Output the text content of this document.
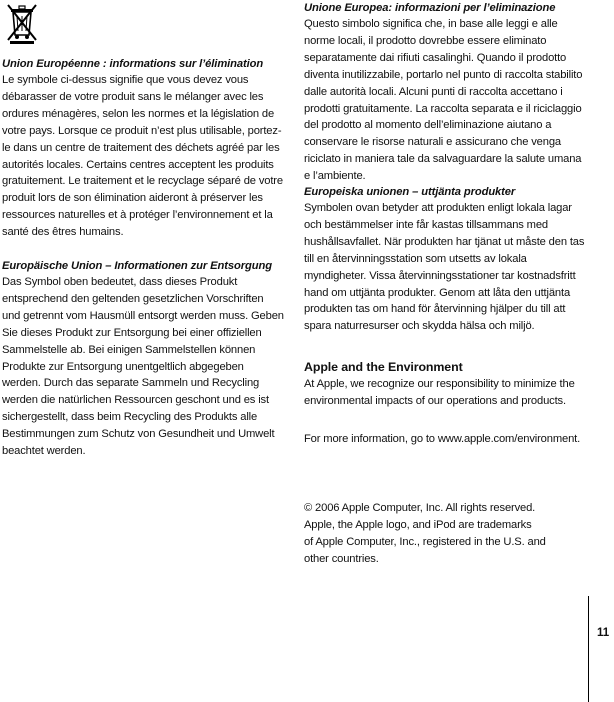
Union Européenne : informations sur l’élimination
Le symbole ci-dessus signifie que vous devez vous débarasser de votre produit sans le mélanger avec les ordures ménagères, selon les normes et la législation de votre pays. Lorsque ce produit n’est plus utilisable, portez-le dans un centre de traitement des déchets agréé par les autorités locales. Certains centres acceptent les produits gratuitement. Le traitement et le recyclage séparé de votre produit lors de son élimination aideront à préserver les ressources naturelles et à protéger l’environnement et la santé des êtres humains.
Europäische Union – Informationen zur Entsorgung
Das Symbol oben bedeutet, dass dieses Produkt entsprechend den geltenden gesetzlichen Vorschriften und getrennt vom Hausmüll entsorgt werden muss. Geben Sie dieses Produkt zur Entsorgung bei einer offiziellen Sammelstelle ab. Bei einigen Sammelstellen können Produkte zur Entsorgung unentgeltlich abgegeben werden. Durch das separate Sammeln und Recycling werden die natürlichen Ressourcen geschont und es ist sichergestellt, dass beim Recycling des Produkts alle Bestimmungen zum Schutz von Gesundheit und Umwelt beachtet werden.
Unione Europea: informazioni per l’eliminazione
Questo simbolo significa che, in base alle leggi e alle norme locali, il prodotto dovrebbe essere eliminato separatamente dai rifiuti casalinghi. Quando il prodotto diventa inutilizzabile, portarlo nel punto di raccolta stabilito dalle autorità locali. Alcuni punti di raccolta accettano i prodotti gratuitamente. La raccolta separata e il riciclaggio del prodotto al momento dell’eliminazione aiutano a conservare le risorse naturali e assicurano che venga riciclato in maniera tale da salvaguardare la salute umana e l’ambiente.
Europeiska unionen – uttjänta produkter
Symbolen ovan betyder att produkten enligt lokala lagar och bestämmelser inte får kastas tillsammans med hushållsavfallet. När produkten har tjänat ut måste den tas till en återvinningsstation som utsetts av lokala myndigheter. Vissa återvinningsstationer tar kostnadsfritt hand om uttjänta produkter. Genom att låta den uttjänta produkten tas om hand för återvinning hjälper du till att spara naturresurser och skydda hälsa och miljö.
Apple and the Environment
At Apple, we recognize our responsibility to minimize the environmental impacts of our operations and products.
For more information, go to www.apple.com/environment.
© 2006 Apple Computer, Inc. All rights reserved.
Apple, the Apple logo, and iPod are trademarks
of Apple Computer, Inc., registered in the U.S. and
other countries.
11
